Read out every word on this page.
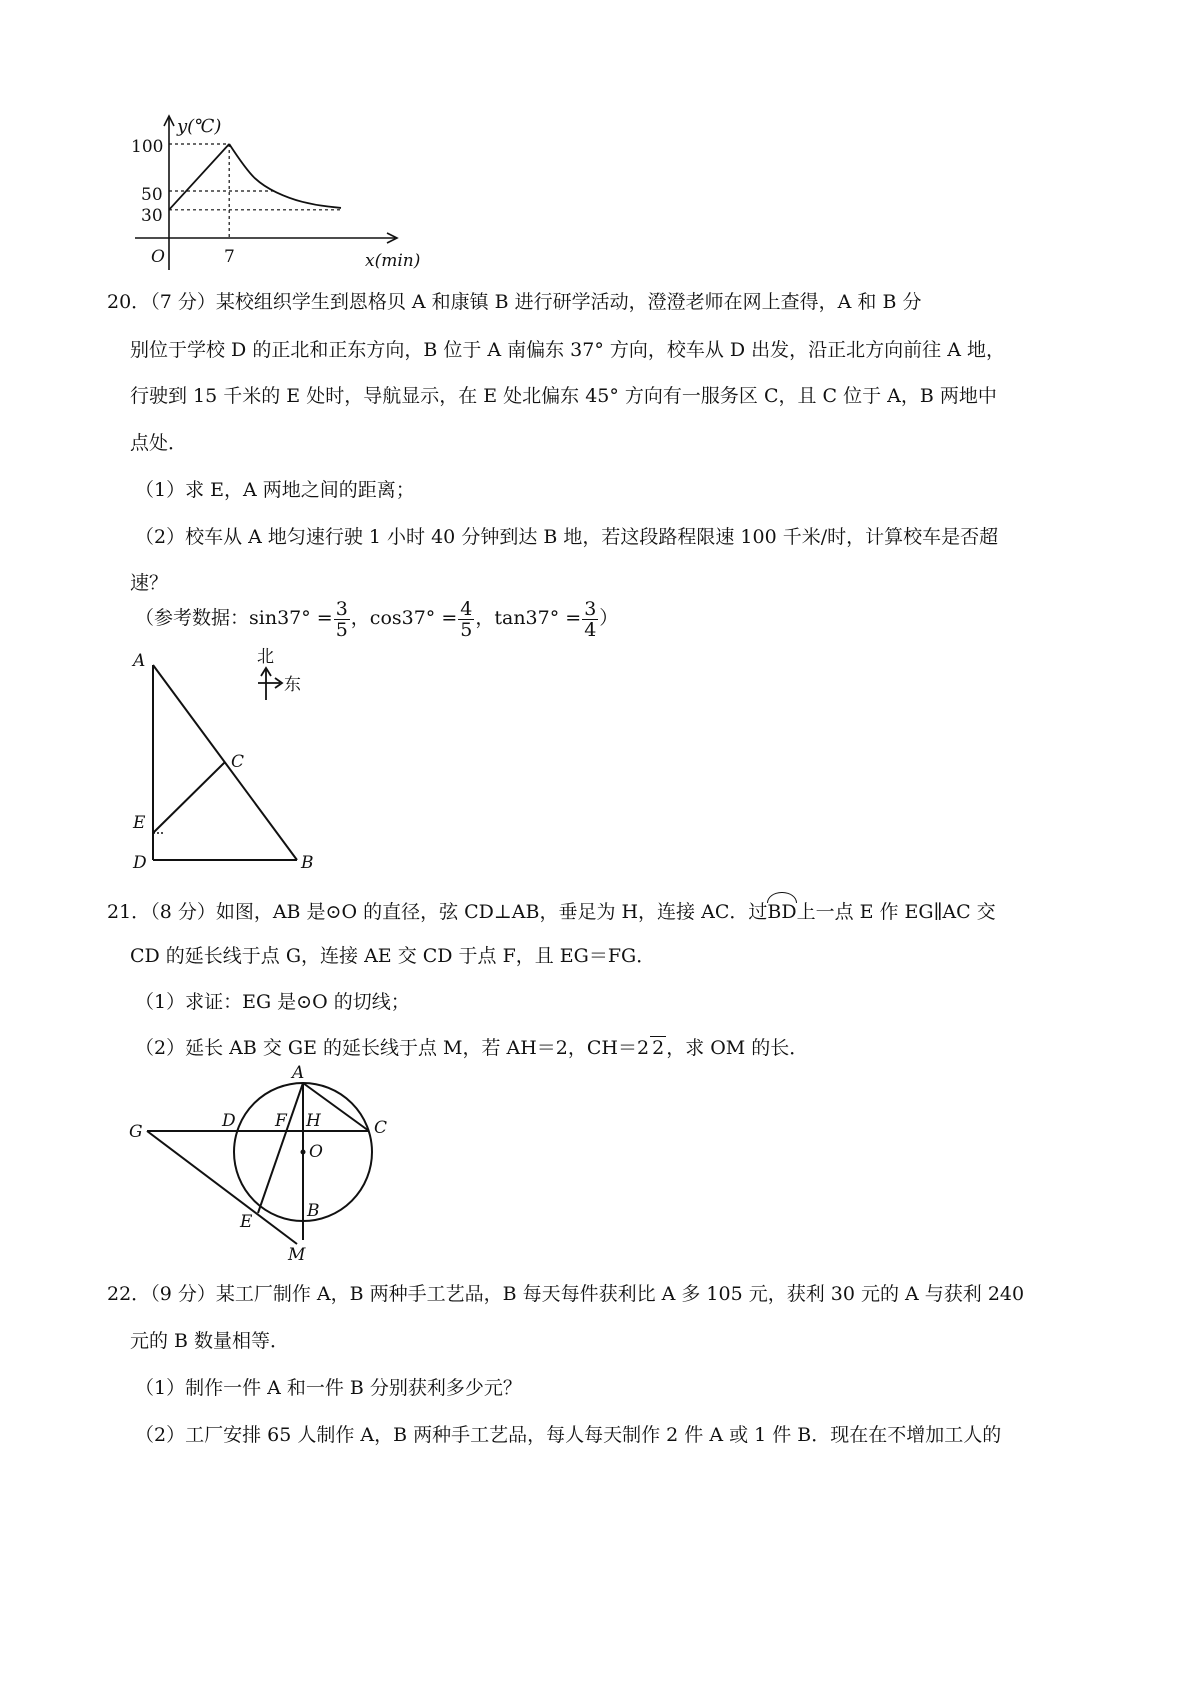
y(℃)
x(min)
O	7
100
50
30
20．（7 分）某校组织学生到恩格贝 A 和康镇 B 进行研学活动，澄澄老师在网上查得，A 和 B 分
别位于学校 D 的正北和正东方向，B 位于 A 南偏东 37° 方向，校车从 D 出发，沿正北方向前往 A 地，
行驶到 15 千米的 E 处时，导航显示，在 E 处北偏东 45° 方向有一服务区 C，且 C 位于 A，B 两地中
点处．
（1）求 E，A 两地之间的距离；
（2）校车从 A 地匀速行驶 1 小时 40 分钟到达 B 地，若这段路程限速 100 千米/时，计算校车是否超
速？
（参考数据：$\sin 37^\circ = \frac{3}{5}$ ，$\cos 37^\circ = \frac{4}{5}$ ，$\tan 37^\circ = \frac{3}{4}$ ）
A
C
E
D	B
北
东
21．（8 分）如图，AB 是⊙O 的直径，弦 CD⊥AB，垂足为 H，连接 AC．过BD上一点 E 作 EG∥AC 交
CD 的延长线于点 G，连接 AE 交 CD 于点 F，且 EG＝FG．
（1）求证：EG 是⊙O 的切线；
（2）延长 AB 交 GE 的延长线于点 M，若 AH＝2，CH＝2 2 ，求 OM 的长．
A
G
D F H	C
O
E
B
M
22．（9 分）某工厂制作 A，B 两种手工艺品，B 每天每件获利比 A 多 105 元，获利 30 元的 A 与获利 240
元的 B 数量相等．
（1）制作一件 A 和一件 B 分别获利多少元？
（2）工厂安排 65 人制作 A，B 两种手工艺品，每人每天制作 2 件 A 或 1 件 B．现在在不增加工人的
